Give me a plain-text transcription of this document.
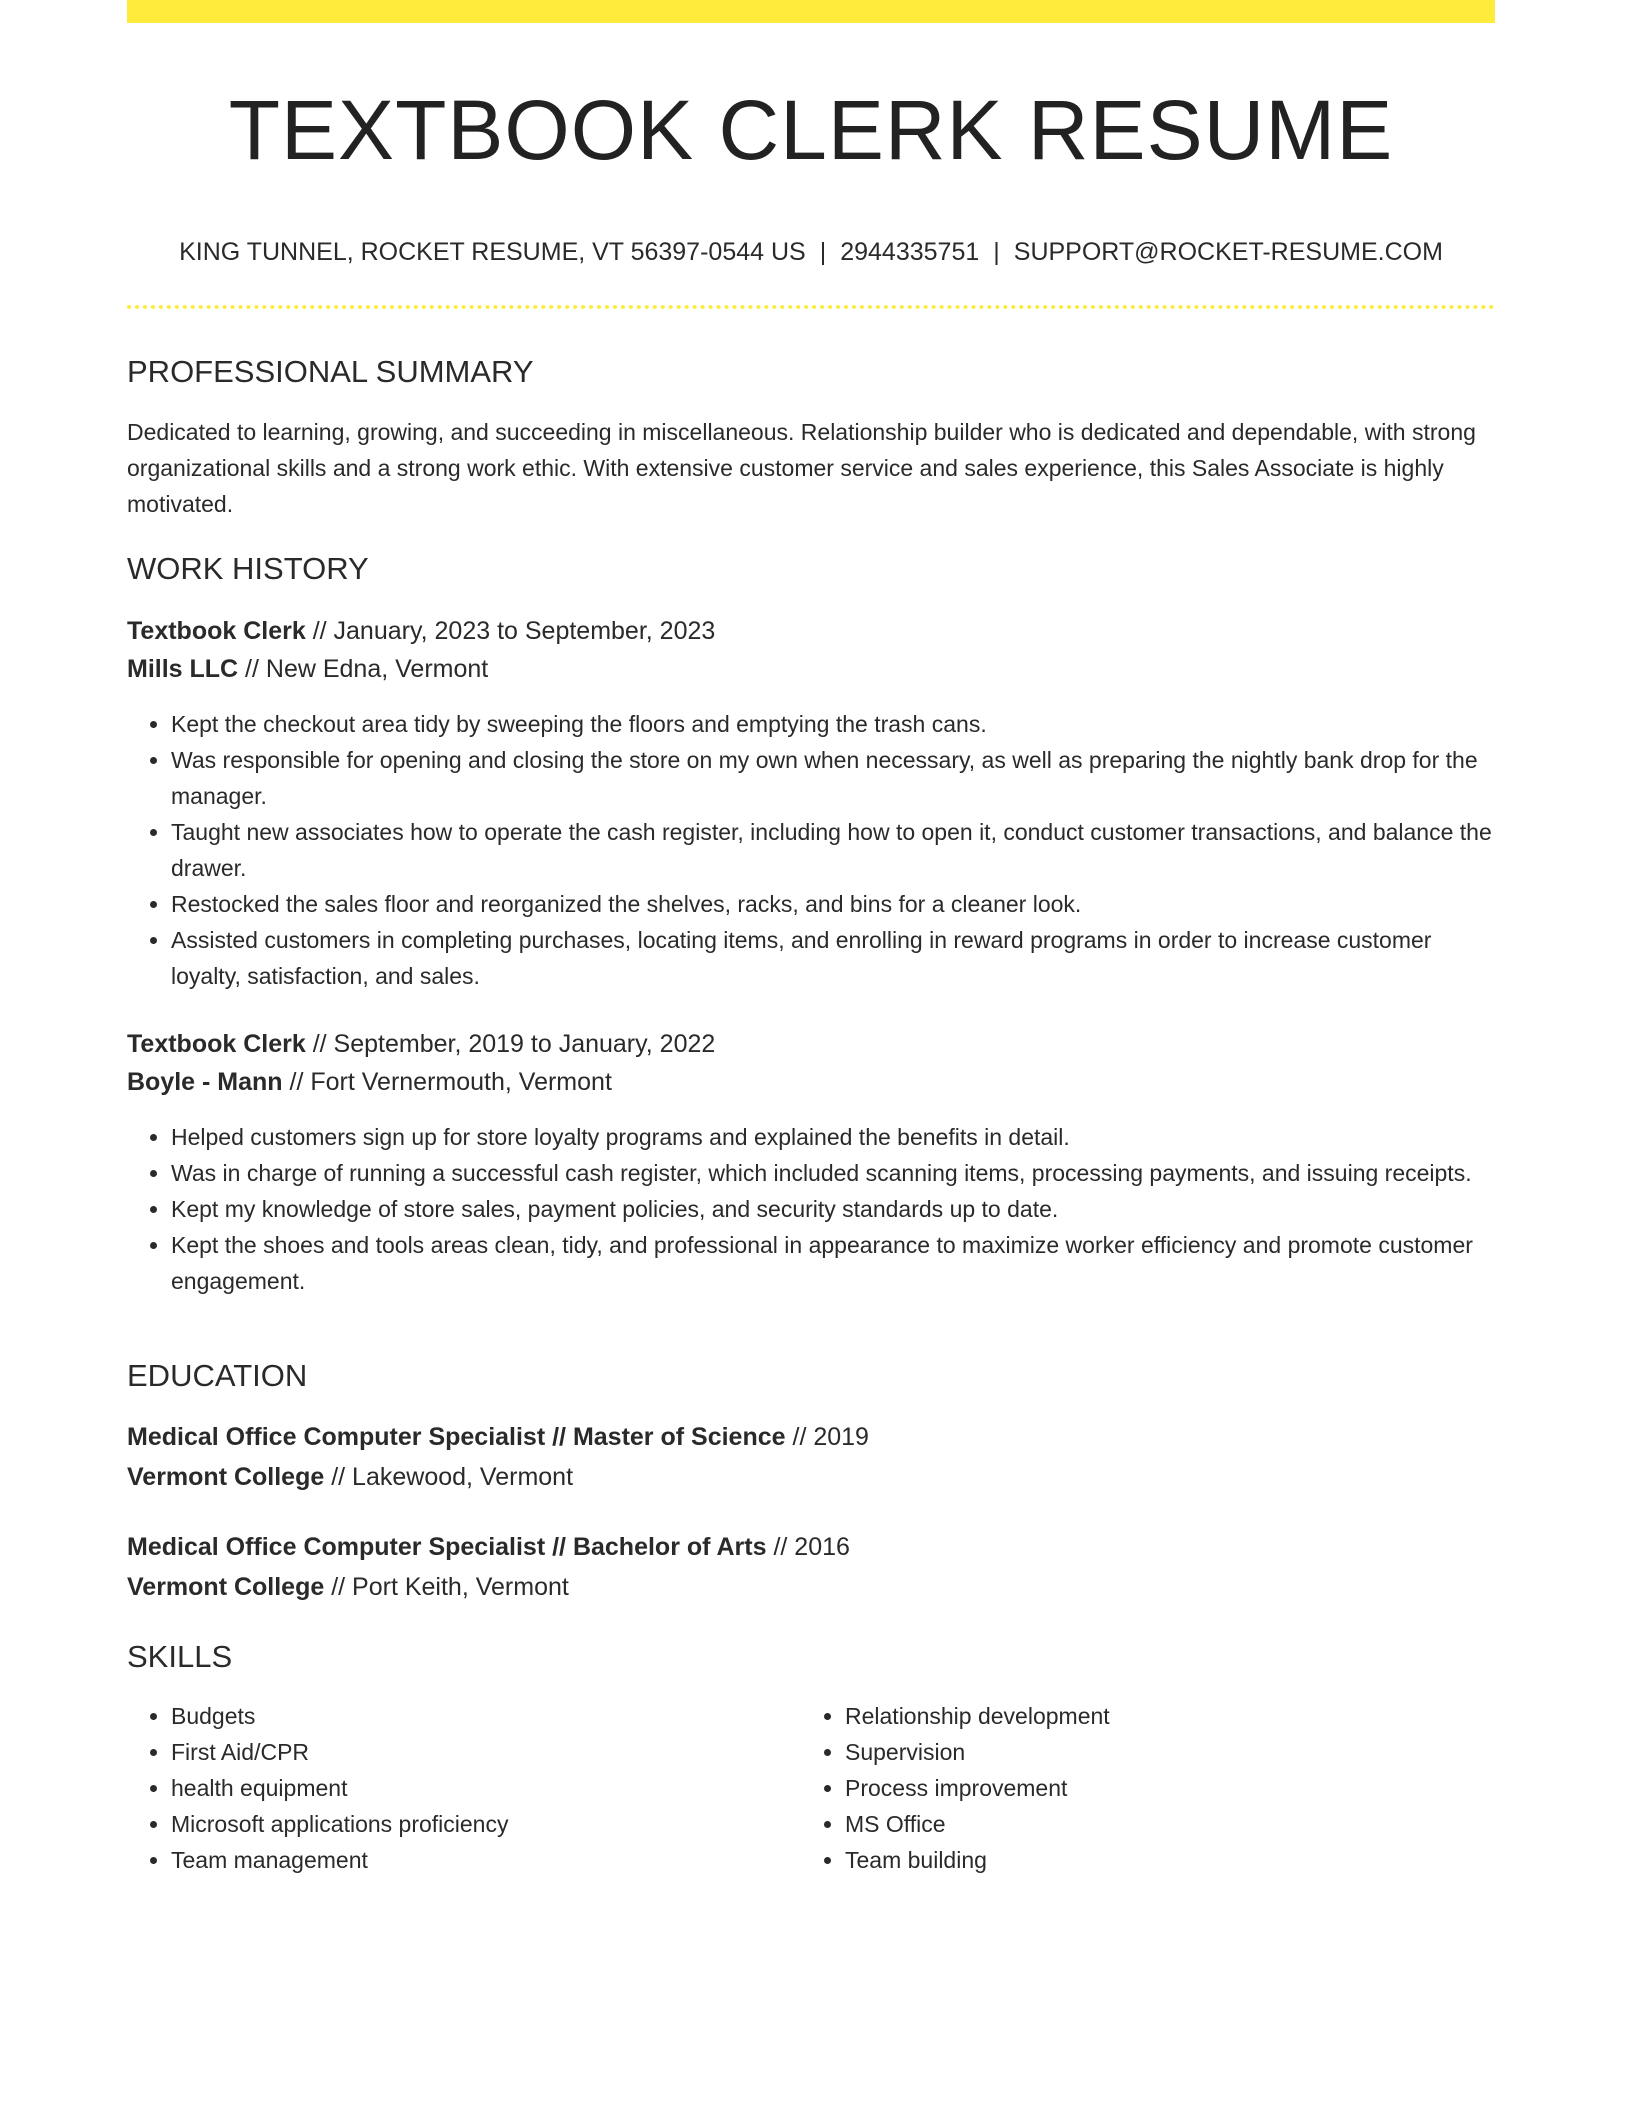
TEXTBOOK CLERK RESUME
KING TUNNEL, ROCKET RESUME, VT 56397-0544 US | 2944335751 | SUPPORT@ROCKET-RESUME.COM
PROFESSIONAL SUMMARY
Dedicated to learning, growing, and succeeding in miscellaneous. Relationship builder who is dedicated and dependable, with strong organizational skills and a strong work ethic. With extensive customer service and sales experience, this Sales Associate is highly motivated.
WORK HISTORY
Textbook Clerk // January, 2023 to September, 2023
Mills LLC // New Edna, Vermont
• Kept the checkout area tidy by sweeping the floors and emptying the trash cans.
• Was responsible for opening and closing the store on my own when necessary, as well as preparing the nightly bank drop for the manager.
• Taught new associates how to operate the cash register, including how to open it, conduct customer transactions, and balance the drawer.
• Restocked the sales floor and reorganized the shelves, racks, and bins for a cleaner look.
• Assisted customers in completing purchases, locating items, and enrolling in reward programs in order to increase customer loyalty, satisfaction, and sales.
Textbook Clerk // September, 2019 to January, 2022
Boyle - Mann // Fort Vernermouth, Vermont
• Helped customers sign up for store loyalty programs and explained the benefits in detail.
• Was in charge of running a successful cash register, which included scanning items, processing payments, and issuing receipts.
• Kept my knowledge of store sales, payment policies, and security standards up to date.
• Kept the shoes and tools areas clean, tidy, and professional in appearance to maximize worker efficiency and promote customer engagement.
EDUCATION
Medical Office Computer Specialist // Master of Science // 2019
Vermont College // Lakewood, Vermont
Medical Office Computer Specialist // Bachelor of Arts // 2016
Vermont College // Port Keith, Vermont
SKILLS
• Budgets
• First Aid/CPR
• health equipment
• Microsoft applications proficiency
• Team management
• Relationship development
• Supervision
• Process improvement
• MS Office
• Team building
